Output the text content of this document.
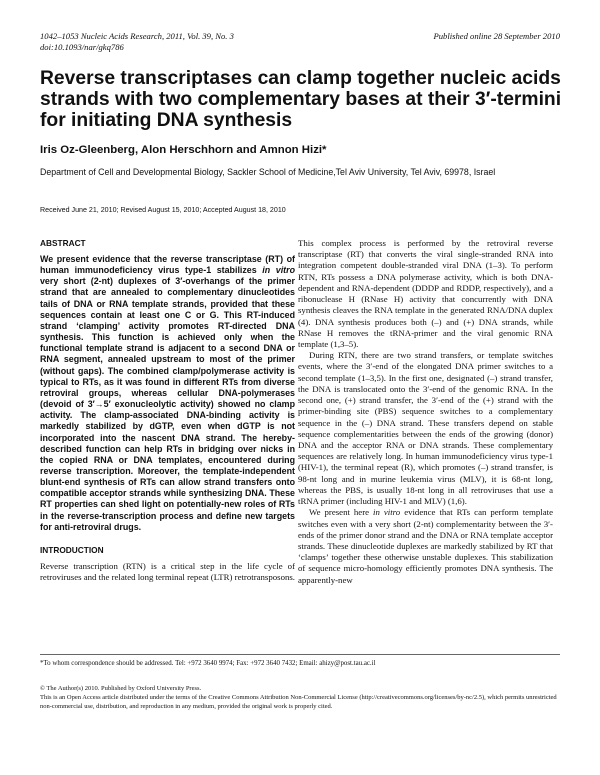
1042–1053 Nucleic Acids Research, 2011, Vol. 39, No. 3
doi:10.1093/nar/gkq786
Published online 28 September 2010
Reverse transcriptases can clamp together nucleic acids strands with two complementary bases at their 3′-termini for initiating DNA synthesis
Iris Oz-Gleenberg, Alon Herschhorn and Amnon Hizi*
Department of Cell and Developmental Biology, Sackler School of Medicine,Tel Aviv University, Tel Aviv, 69978, Israel
Received June 21, 2010; Revised August 15, 2010; Accepted August 18, 2010
ABSTRACT

We present evidence that the reverse transcriptase (RT) of human immunodeficiency virus type-1 stabilizes in vitro very short (2-nt) duplexes of 3′-overhangs of the primer strand that are annealed to complementary dinucleotides tails of DNA or RNA template strands, provided that these sequences contain at least one C or G. This RT-induced strand ‘clamping’ activity promotes RT-directed DNA synthesis. This function is achieved only when the functional template strand is adjacent to a second DNA or RNA segment, annealed upstream to most of the primer (without gaps). The combined clamp/polymerase activity is typical to RTs, as it was found in different RTs from diverse retroviral groups, whereas cellular DNA-polymerases (devoid of 3′→5′ exonucleolytic activity) showed no clamp activity. The clamp-associated DNA-binding activity is markedly stabilized by dGTP, even when dGTP is not incorporated into the nascent DNA strand. The hereby-described function can help RTs in bridging over nicks in the copied RNA or DNA templates, encountered during reverse transcription. Moreover, the template-independent blunt-end synthesis of RTs can allow strand transfers onto compatible acceptor strands while synthesizing DNA. These RT properties can shed light on potentially-new roles of RTs in the reverse-transcription process and define new targets for anti-retroviral drugs.

INTRODUCTION

Reverse transcription (RTN) is a critical step in the life cycle of retroviruses and the related long terminal repeat (LTR) retrotransposons.

This complex process is performed by the retroviral reverse transcriptase (RT) that converts the viral single-stranded RNA into integration competent double-stranded viral DNA (1–3). To perform RTN, RTs possess a DNA polymerase activity, which is both DNA-dependent and RNA-dependent (DDDP and RDDP, respectively), and a ribonuclease H (RNase H) activity that concurrently with DNA synthesis cleaves the RNA template in the generated RNA/DNA duplex (4). DNA synthesis produces both (–) and (+) DNA strands, while RNase H removes the tRNA-primer and the viral genomic RNA template (1,3–5).

During RTN, there are two strand transfers, or template switches events, where the 3′-end of the elongated DNA primer switches to a second template (1–3,5). In the first one, designated (–) strand transfer, the DNA is translocated onto the 3′-end of the genomic RNA. In the second one, (+) strand transfer, the 3′-end of the (+) strand with the primer-binding site (PBS) sequence switches to a complementary sequence in the (–) DNA strand. These transfers depend on stable sequence complementarities between the ends of the growing (donor) DNA and the acceptor RNA or DNA strands. These complementary sequences are relatively long. In human immunodeficiency virus type-1 (HIV-1), the terminal repeat (R), which promotes (–) strand transfer, is 98-nt long and in murine leukemia virus (MLV), it is 68-nt long, whereas the PBS, is usually 18-nt long in all retroviruses that use a tRNA primer (including HIV-1 and MLV) (1,6).

We present here in vitro evidence that RTs can perform template switches even with a very short (2-nt) complementarity between the 3′-ends of the primer donor strand and the DNA or RNA template acceptor strands. These dinucleotide duplexes are markedly stabilized by RT that ‘clamps’ together these otherwise unstable duplexes. This stabilization of sequence micro-homology efficiently promotes DNA synthesis. The apparently-new

*To whom correspondence should be addressed. Tel: +972 3640 9974; Fax: +972 3640 7432; Email: ahizy@post.tau.ac.il
© The Author(s) 2010. Published by Oxford University Press.
This is an Open Access article distributed under the terms of the Creative Commons Attribution Non-Commercial License (http://creativecommons.org/licenses/by-nc/2.5), which permits unrestricted non-commercial use, distribution, and reproduction in any medium, provided the original work is properly cited.
